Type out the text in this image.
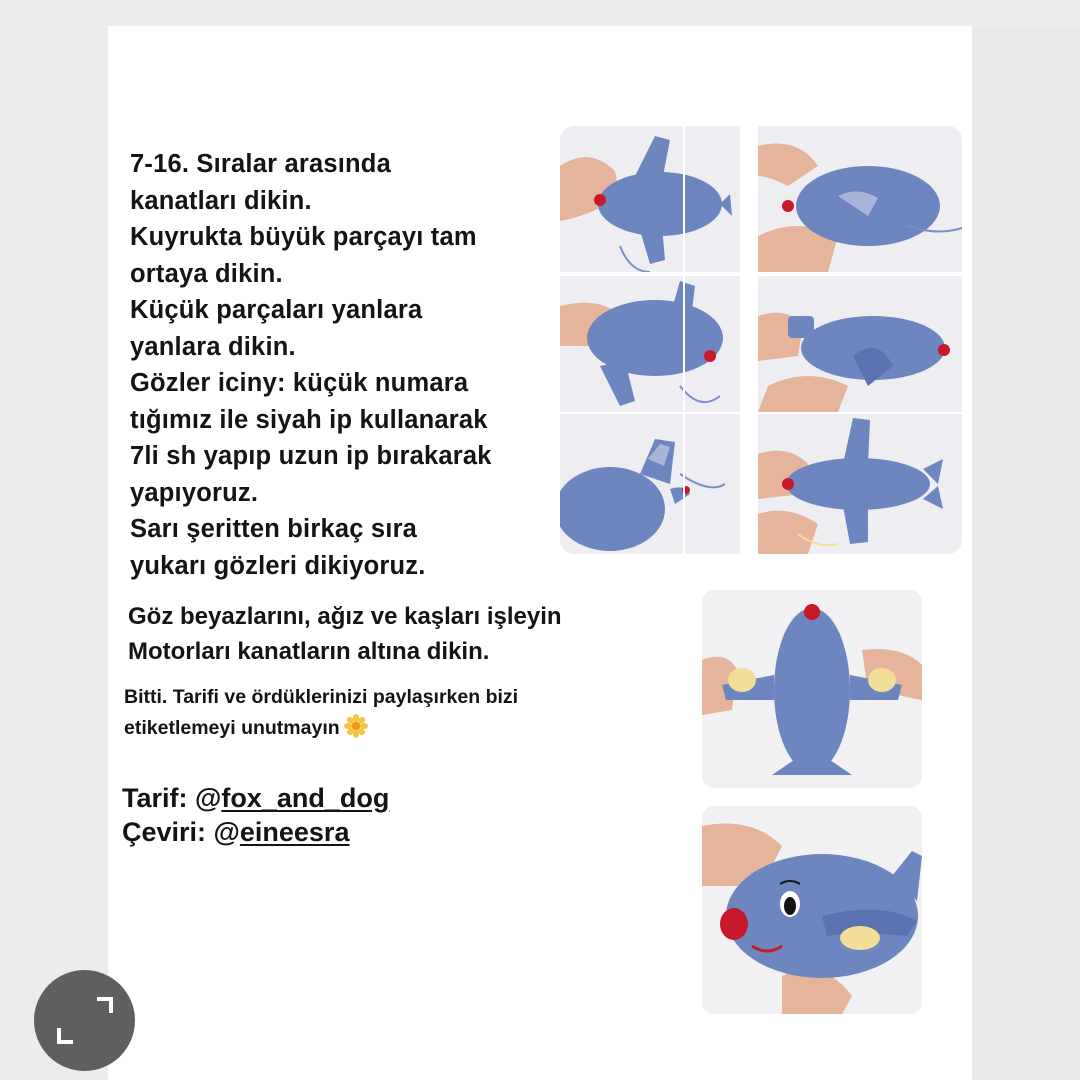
7-16. Sıralar arasında
kanatları dikin.
Kuyrukta büyük parçayı tam
ortaya dikin.
Küçük parçaları yanlara
yanlara dikin.
Gözler iciny: küçük numara
tığımız ile siyah ip kullanarak
7li sh yapıp uzun ip bırakarak
yapıyoruz.
Sarı şeritten birkaç sıra
yukarı gözleri dikiyoruz.
Göz beyazlarını, ağız ve kaşları işleyin
Motorları kanatların altına dikin.
Bitti. Tarifi ve ördüklerinizi paylaşırken bizi
etiketlemeyi unutmayın
Tarif: @fox_and_dog
Çeviri: @eineesra
